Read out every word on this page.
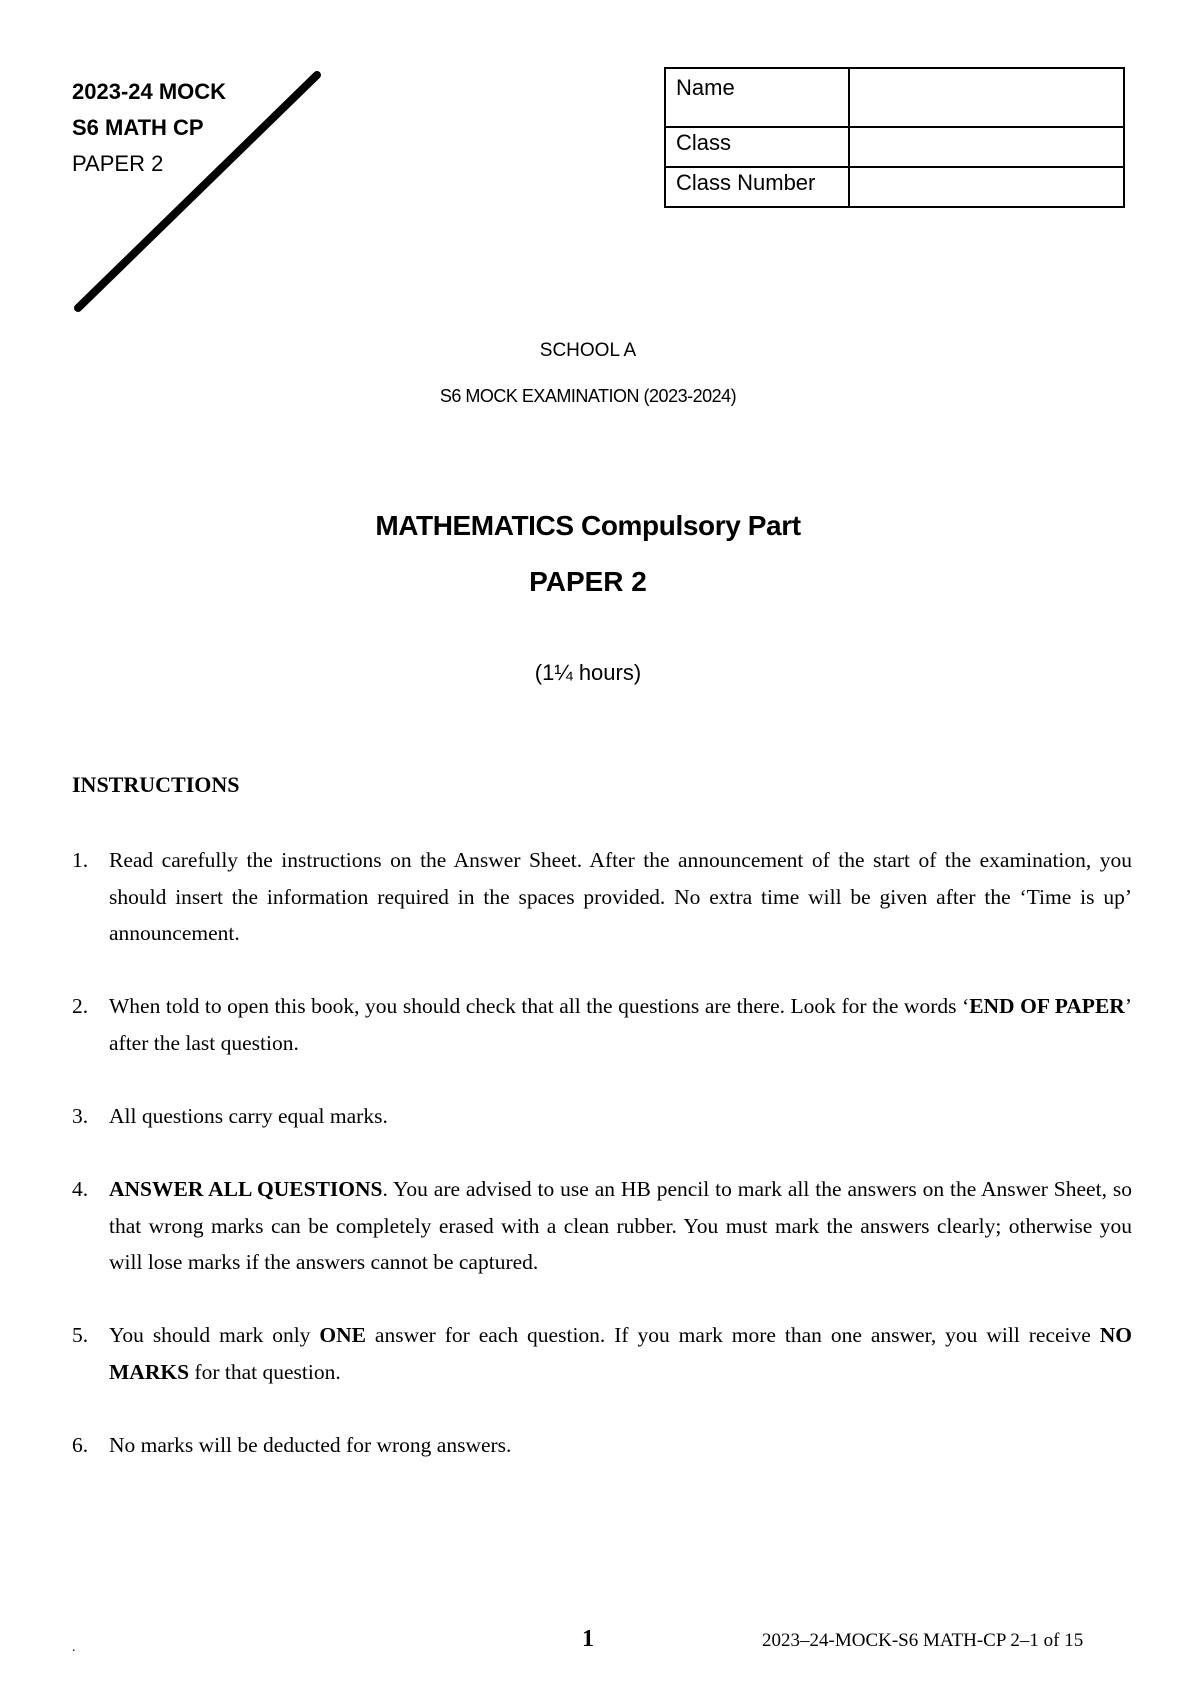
2023-24 MOCK
S6 MATH CP
PAPER 2
Name	
Class	
Class Number	
SCHOOL A
S6 MOCK EXAMINATION (2023-2024)
MATHEMATICS Compulsory Part
PAPER 2
(1¼ hours)
INSTRUCTIONS
1. Read carefully the instructions on the Answer Sheet. After the announcement of the start of the examination, you should insert the information required in the spaces provided. No extra time will be given after the ‘Time is up’ announcement.
2. When told to open this book, you should check that all the questions are there. Look for the words ‘END OF PAPER’ after the last question.
3. All questions carry equal marks.
4. ANSWER ALL QUESTIONS. You are advised to use an HB pencil to mark all the answers on the Answer Sheet, so that wrong marks can be completely erased with a clean rubber. You must mark the answers clearly; otherwise you will lose marks if the answers cannot be captured.
5. You should mark only ONE answer for each question. If you mark more than one answer, you will receive NO MARKS for that question.
6. No marks will be deducted for wrong answers.
.	1	2023–24-MOCK-S6 MATH-CP 2–1 of 15
